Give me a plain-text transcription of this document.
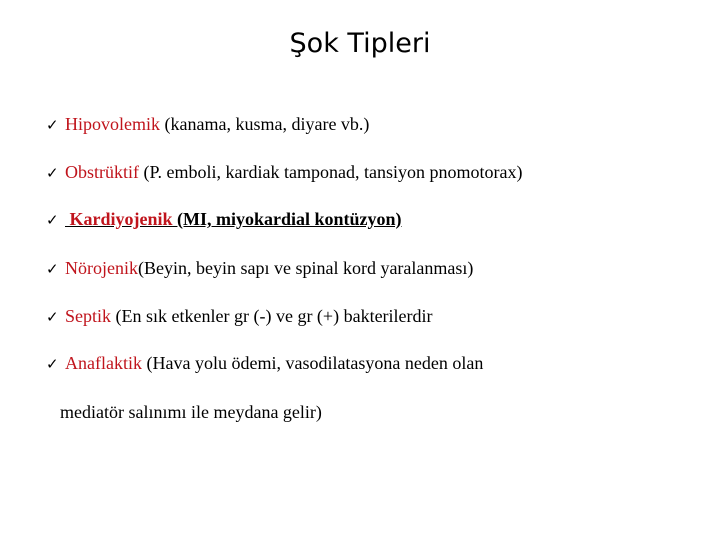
Şok Tipleri
✓ Hipovolemik (kanama, kusma, diyare vb.)
✓ Obstrüktif (P. emboli, kardiak tamponad, tansiyon pnomotorax)
✓ Kardiyojenik (MI, miyokardial kontüzyon)
✓ Nörojenik(Beyin, beyin sapı ve spinal kord yaralanması)
✓ Septik (En sık etkenler gr (-) ve gr (+) bakterilerdir
✓ Anaflaktik (Hava yolu ödemi, vasodilatasyona neden olan
mediatör salınımı ile meydana gelir)
